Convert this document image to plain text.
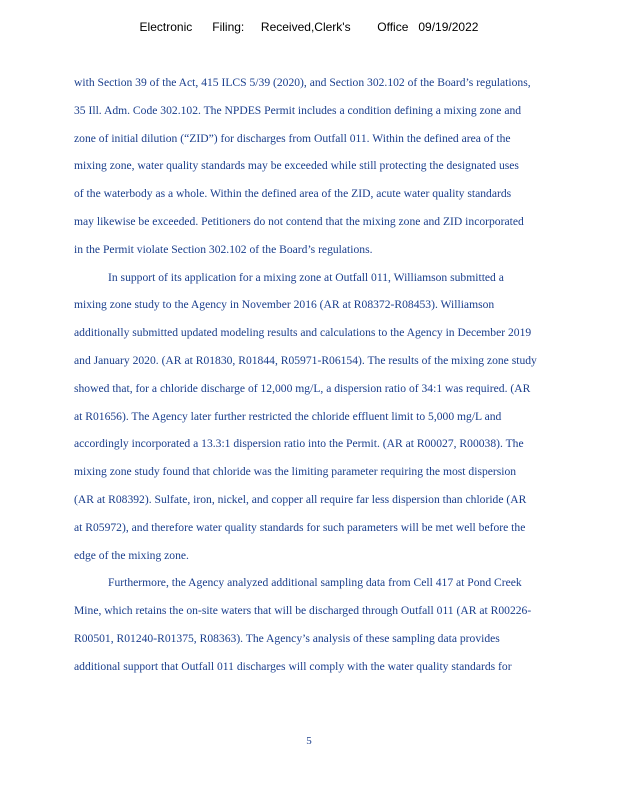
Electronic      Filing:     Received,Clerk's        Office   09/19/2022
with Section 39 of the Act, 415 ILCS 5/39 (2020), and Section 302.102 of the Board’s regulations,
35 Ill. Adm. Code 302.102. The NPDES Permit includes a condition defining a mixing zone and
zone of initial dilution (“ZID”) for discharges from Outfall 011. Within the defined area of the
mixing zone, water quality standards may be exceeded while still protecting the designated uses
of the waterbody as a whole. Within the defined area of the ZID, acute water quality standards
may likewise be exceeded. Petitioners do not contend that the mixing zone and ZID incorporated
in the Permit violate Section 302.102 of the Board’s regulations.
In support of its application for a mixing zone at Outfall 011, Williamson submitted a
mixing zone study to the Agency in November 2016 (AR at R08372-R08453). Williamson
additionally submitted updated modeling results and calculations to the Agency in December 2019
and January 2020. (AR at R01830, R01844, R05971-R06154). The results of the mixing zone study
showed that, for a chloride discharge of 12,000 mg/L, a dispersion ratio of 34:1 was required. (AR
at R01656). The Agency later further restricted the chloride effluent limit to 5,000 mg/L and
accordingly incorporated a 13.3:1 dispersion ratio into the Permit. (AR at R00027, R00038). The
mixing zone study found that chloride was the limiting parameter requiring the most dispersion
(AR at R08392). Sulfate, iron, nickel, and copper all require far less dispersion than chloride (AR
at R05972), and therefore water quality standards for such parameters will be met well before the
edge of the mixing zone.
Furthermore, the Agency analyzed additional sampling data from Cell 417 at Pond Creek
Mine, which retains the on-site waters that will be discharged through Outfall 011 (AR at R00226-
R00501, R01240-R01375, R08363). The Agency’s analysis of these sampling data provides
additional support that Outfall 011 discharges will comply with the water quality standards for
5
